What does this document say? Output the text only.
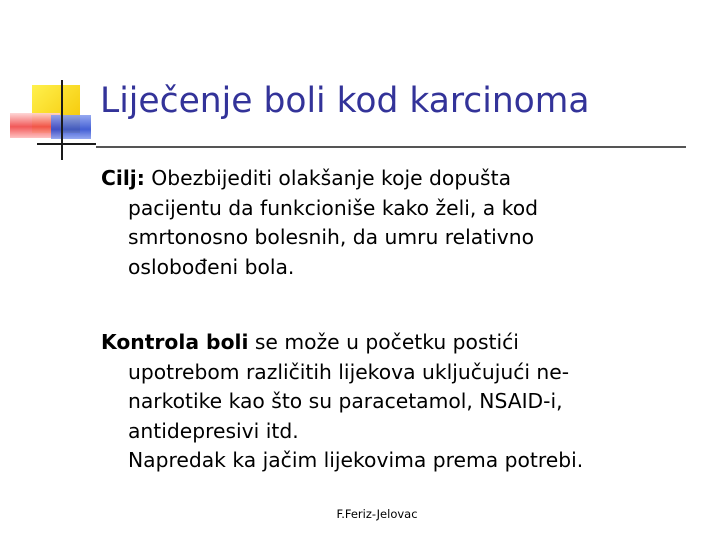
Liječenje boli kod karcinoma

Cilj: Obezbijediti olakšanje koje dopušta
pacijentu da funkcioniše kako želi, a kod
smrtonosno bolesnih, da umru relativno
oslobođeni bola.

Kontrola boli se može u početku postići
upotrebom različitih lijekova uključujući ne-
narkotike kao što su paracetamol, NSAID-i,
antidepresivi itd.
Napredak ka jačim lijekovima prema potrebi.

F.Feriz-Jelovac
